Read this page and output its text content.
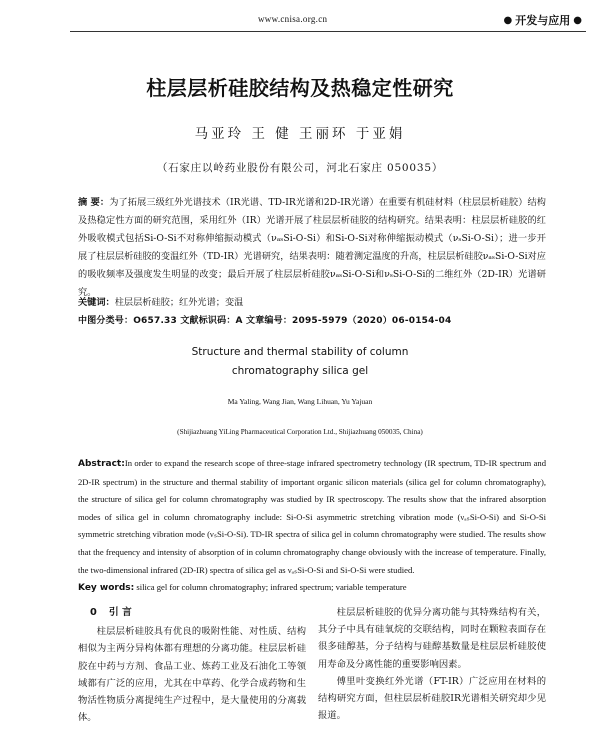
www.cnisa.org.cn	● 开发与应用 ●
柱层层析硅胶结构及热稳定性研究
马亚玲 王 健 王丽环 于亚娟
（石家庄以岭药业股份有限公司，河北石家庄 050035）

摘 要：为了拓展三级红外光谱技术（IR光谱、TD-IR光谱和2D-IR光谱）在重要有机硅材料（柱层层析硅胶）结构及热稳定性方面的研究范围，采用红外（IR）光谱开展了柱层层析硅胶的结构研究。结果表明：柱层层析硅胶的红外吸收模式包括Si-O-Si不对称伸缩振动模式（νₐₛSi-O-Si）和Si-O-Si对称伸缩振动模式（νₛSi-O-Si）；进一步开展了柱层层析硅胶的变温红外（TD-IR）光谱研究，结果表明：随着测定温度的升高，柱层层析硅胶νₐₛSi-O-Si对应的吸收频率及强度发生明显的改变；最后开展了柱层层析硅胶νₐₛSi-O-Si和νₛSi-O-Si的二维红外（2D-IR）光谱研究。

关键词：柱层层析硅胶；红外光谱；变温
中图分类号：O657.33 文献标识码：A 文章编号：2095-5979（2020）06-0154-04
Structure and thermal stability of column
chromatography silica gel
Ma Yaling, Wang Jian, Wang Lihuan, Yu Yajuan
(Shijiazhuang YiLing Pharmaceutical Corporation Ltd., Shijiazhuang 050035, China)

Abstract:In order to expand the research scope of three-stage infrared spectrometry technology (IR spectrum, TD-IR spectrum and 2D-IR spectrum) in the structure and thermal stability of important organic silicon materials (silica gel for column chromatography), the structure of silica gel for column chromatography was studied by IR spectroscopy. The results show that the infrared absorption modes of silica gel in column chromatography include: Si-O-Si asymmetric stretching vibration mode (νₐₛSi-O-Si) and Si-O-Si symmetric stretching vibration mode (νₛSi-O-Si). TD-IR spectra of silica gel in column chromatography were studied. The results show that the frequency and intensity of absorption of in column chromatography change obviously with the increase of temperature. Finally, the two-dimensional infrared (2D-IR) spectra of silica gel as νₐₛSi-O-Si and Si-O-Si were studied.

Key words: silica gel for column chromatography; infrared spectrum; variable temperature
0 引 言

柱层层析硅胶具有优良的吸附性能、对性质、结构相似为主两分异构体都有理想的分离功能。柱层层析硅胶在中药与方剂、食品工业、炼药工业及石油化工等领域都有广泛的应用，尤其在中草药、化学合成药物和生物活性物质分离提纯生产过程中，是大量使用的分离载体。

柱层层析硅胶的优异分离功能与其特殊结构有关，其分子中具有硅氧烷的交联结构，同时在颗粒表面存在很多硅醇基，分子结构与硅醇基数量是柱层层析硅胶使用寿命及分离性能的重要影响因素。

傅里叶变换红外光谱（FT-IR）广泛应用在材料的结构研究方面，但柱层层析硅胶IR光谱相关研究却少见报道。
